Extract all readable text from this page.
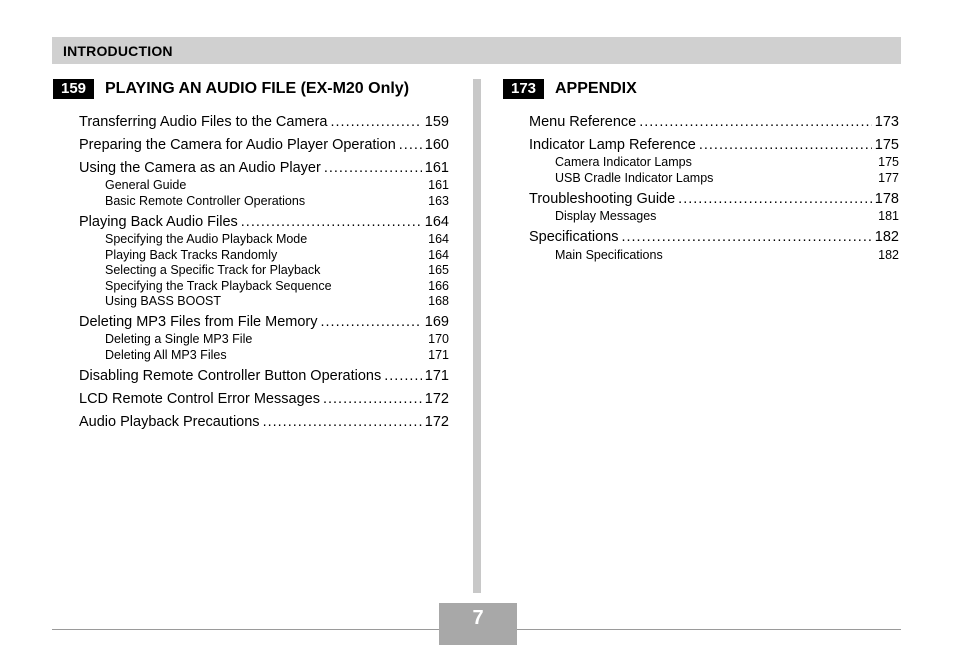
INTRODUCTION
159	PLAYING AN AUDIO FILE (EX-M20 Only)
Transferring Audio Files to the Camera .....	159
Preparing the Camera for Audio Player Operation ..... 160
Using the Camera as an Audio Player .....	161
General Guide	161
Basic Remote Controller Operations	163
Playing Back Audio Files .....	164
Specifying the Audio Playback Mode	164
Playing Back Tracks Randomly	164
Selecting a Specific Track for Playback	165
Specifying the Track Playback Sequence	166
Using BASS BOOST	168
Deleting MP3 Files from File Memory .....	169
Deleting a Single MP3 File	170
Deleting All MP3 Files	171
Disabling Remote Controller Button Operations .....	171
LCD Remote Control Error Messages .....	172
Audio Playback Precautions .....	172
173	APPENDIX
Menu Reference .....	173
Indicator Lamp Reference .....	175
Camera Indicator Lamps	175
USB Cradle Indicator Lamps	177
Troubleshooting Guide .....	178
Display Messages	181
Specifications .....	182
Main Specifications	182
7
